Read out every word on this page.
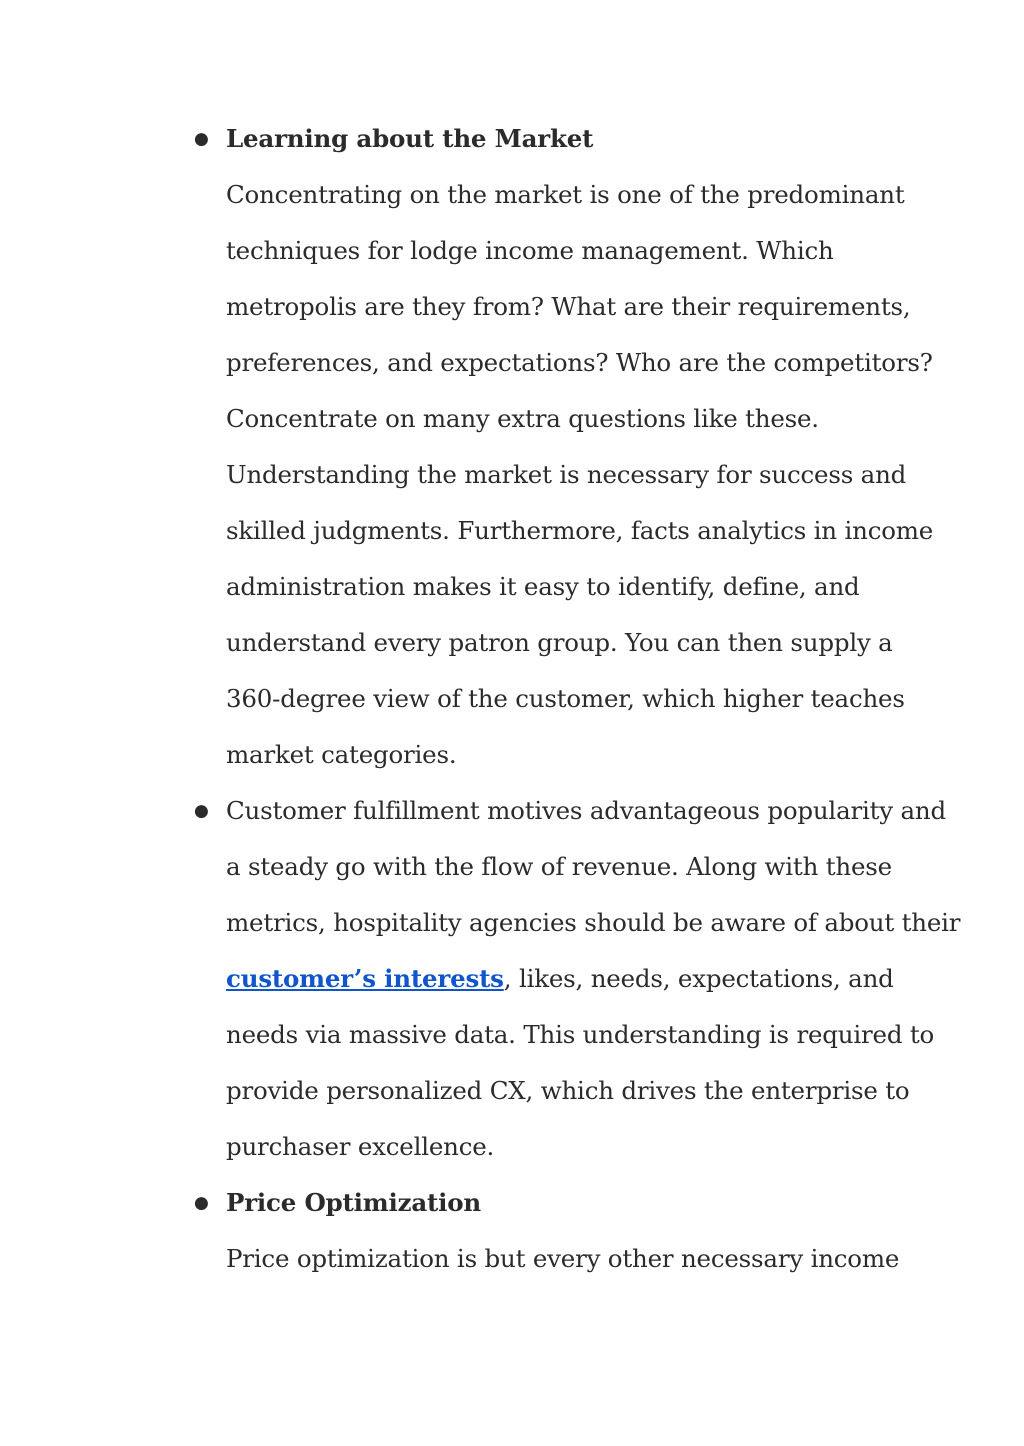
● Learning about the Market
Concentrating on the market is one of the predominant
techniques for lodge income management. Which
metropolis are they from? What are their requirements,
preferences, and expectations? Who are the competitors?
Concentrate on many extra questions like these.
Understanding the market is necessary for success and
skilled judgments. Furthermore, facts analytics in income
administration makes it easy to identify, define, and
understand every patron group. You can then supply a
360-degree view of the customer, which higher teaches
market categories.
● Customer fulfillment motives advantageous popularity and
a steady go with the flow of revenue. Along with these
metrics, hospitality agencies should be aware of about their
customer’s interests, likes, needs, expectations, and
needs via massive data. This understanding is required to
provide personalized CX, which drives the enterprise to
purchaser excellence.
● Price Optimization
Price optimization is but every other necessary income
